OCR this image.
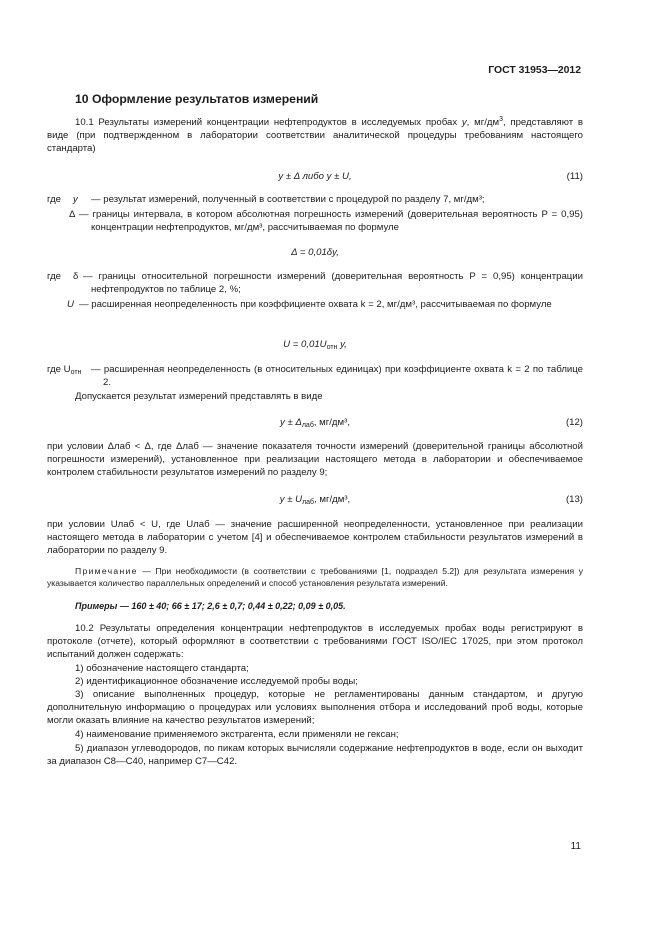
ГОСТ 31953—2012
10 Оформление результатов измерений
10.1 Результаты измерений концентрации нефтепродуктов в исследуемых пробах y, $мг/дм^3$, представляют в виде (при подтвержденном в лаборатории соответствии аналитической процедуры требованиям настоящего стандарта)
y ± Δ либо y ± U,	(11)
где y — результат измерений, полученный в соответствии с процедурой по разделу 7, мг/дм³;
Δ — границы интервала, в котором абсолютная погрешность измерений (доверительная вероятность P = 0,95) концентрации нефтепродуктов, мг/дм³, рассчитываемая по формуле
Δ = 0,01δy,
где δ — границы относительной погрешности измерений (доверительная вероятность P = 0,95) концентрации нефтепродуктов по таблице 2, %;
U — расширенная неопределенность при коэффициенте охвата k = 2, мг/дм³, рассчитываемая по формуле
$U = 0,01U_{отн}$ y,
где $U_{отн}$ — расширенная неопределенность (в относительных единицах) при коэффициенте охвата k = 2 по таблице 2.
Допускается результат измерений представлять в виде
$y \pm \Delta_{лаб}$, мг/дм³,	(12)
при условии Δлаб < Δ, где Δлаб — значение показателя точности измерений (доверительной границы абсолютной погрешности измерений), установленное при реализации настоящего метода в лаборатории и обеспечиваемое контролем стабильности результатов измерений по разделу 9;
$y \pm U_{лаб}$, мг/дм³,	(13)
при условии Uлаб < U, где Uлаб — значение расширенной неопределенности, установленное при реализации настоящего метода в лаборатории с учетом [4] и обеспечиваемое контролем стабильности результатов измерений в лаборатории по разделу 9.
Примечание — При необходимости (в соответствии с требованиями [1, подраздел 5.2]) для результата измерения y указывается количество параллельных определений и способ установления результата измерений.
Примеры — 160 ± 40; 66 ± 17; 2,6 ± 0,7; 0,44 ± 0,22; 0,09 ± 0,05.
10.2 Результаты определения концентрации нефтепродуктов в исследуемых пробах воды регистрируют в протоколе (отчете), который оформляют в соответствии с требованиями ГОСТ ISO/IEC 17025, при этом протокол испытаний должен содержать:
1) обозначение настоящего стандарта;
2) идентификационное обозначение исследуемой пробы воды;
3) описание выполненных процедур, которые не регламентированы данным стандартом, и другую дополнительную информацию о процедурах или условиях выполнения отбора и исследований проб воды, которые могли оказать влияние на качество результатов измерений;
4) наименование применяемого экстрагента, если применяли не гексан;
5) диапазон углеводородов, по пикам которых вычисляли содержание нефтепродуктов в воде, если он выходит за диапазон C8—C40, например C7—C42.
11
